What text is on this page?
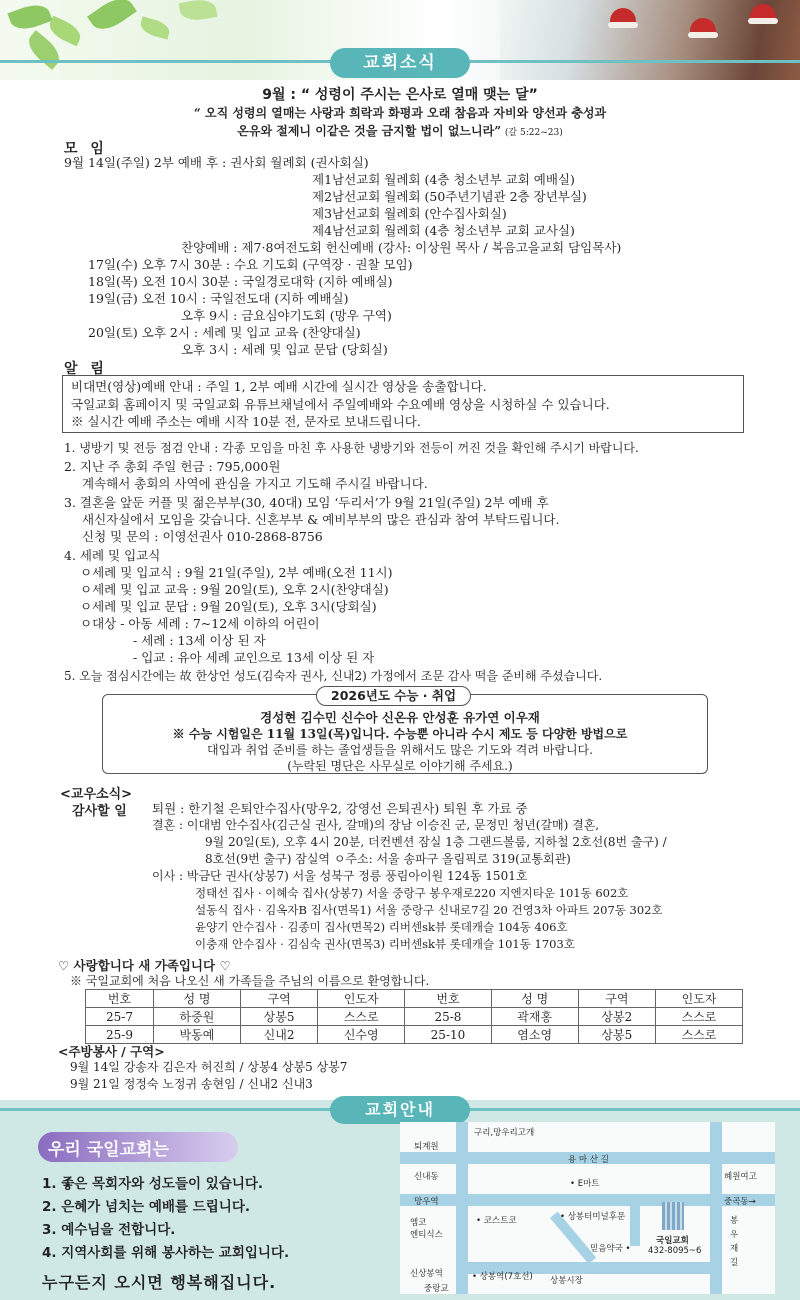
교회소식
9월 : “ 성령이 주시는 은사로 열매 맺는 달”
“ 오직 성령의 열매는 사랑과 희락과 화평과 오래 참음과 자비와 양선과 충성과
온유와 절제니 이같은 것을 금지할 법이 없느니라” (갈 5:22~23)
모 임
9월 14일(주일) 2부 예배 후 : 권사회 월례회 (권사회실)
제1남선교회 월례회 (4층 청소년부 교회 예배실)
제2남선교회 월례회 (50주년기념관 2층 장년부실)
제3남선교회 월례회 (안수집사회실)
제4남선교회 월례회 (4층 청소년부 교회 교사실)
찬양예배 : 제7·8여전도회 헌신예배 (강사: 이상원 목사 / 복음고을교회 담임목사)
17일(수) 오후 7시 30분 : 수요 기도회 (구역장 · 권찰 모임)
18일(목) 오전 10시 30분 : 국일경로대학 (지하 예배실)
19일(금) 오전 10시 : 국일전도대 (지하 예배실)
오후 9시 : 금요심야기도회 (망우 구역)
20일(토) 오후 2시 : 세례 및 입교 교육 (찬양대실)
오후 3시 : 세례 및 입교 문답 (당회실)
알 림
비대면(영상)예배 안내 : 주일 1, 2부 예배 시간에 실시간 영상을 송출합니다.
국일교회 홈페이지 및 국일교회 유튜브채널에서 주일예배와 수요예배 영상을 시청하실 수 있습니다.
※ 실시간 예배 주소는 예배 시작 10분 전, 문자로 보내드립니다.
1. 냉방기 및 전등 점검 안내 : 각종 모임을 마친 후 사용한 냉방기와 전등이 꺼진 것을 확인해 주시기 바랍니다.
2. 지난 주 총회 주일 헌금 : 795,000원
계속해서 총회의 사역에 관심을 가지고 기도해 주시길 바랍니다.
3. 결혼을 앞둔 커플 및 젊은부부(30, 40대) 모임 ‘두리서’가 9월 21일(주일) 2부 예배 후
새신자실에서 모임을 갖습니다. 신혼부부 & 예비부부의 많은 관심과 참여 부탁드립니다.
신청 및 문의 : 이영선권사 010-2868-8756
4. 세례 및 입교식
ㅇ세례 및 입교식 : 9월 21일(주일), 2부 예배(오전 11시)
ㅇ세례 및 입교 교육 : 9월 20일(토), 오후 2시(찬양대실)
ㅇ세례 및 입교 문답 : 9월 20일(토), 오후 3시(당회실)
ㅇ대상 - 아동 세례 : 7~12세 이하의 어린이
- 세례 : 13세 이상 된 자
- 입교 : 유아 세례 교인으로 13세 이상 된 자
5. 오늘 점심시간에는 故 한상언 성도(김숙자 권사, 신내2) 가정에서 조문 감사 떡을 준비해 주셨습니다.
2026년도 수능 · 취업
경성현 김수민 신수아 신온유 안성훈 유가연 이우재
※ 수능 시험일은 11월 13일(목)입니다. 수능뿐 아니라 수시 제도 등 다양한 방법으로
대입과 취업 준비를 하는 졸업생들을 위해서도 많은 기도와 격려 바랍니다.
(누락된 명단은 사무실로 이야기해 주세요.)
<교우소식>
감사할 일 퇴원 : 한기철 은퇴안수집사(망우2, 강영선 은퇴권사) 퇴원 후 가료 중
결혼 : 이대범 안수집사(김근실 권사, 갈매)의 장남 이승진 군, 문정민 청년(갈매) 결혼,
9월 20일(토), 오후 4시 20분, 더컨벤션 잠실 1층 그랜드볼룸, 지하철 2호선(8번 출구) /
8호선(9번 출구) 잠실역 ㅇ주소: 서울 송파구 올림픽로 319(교통회관)
이사 : 박금단 권사(상봉7) 서울 성북구 정릉 풍림아이원 124동 1501호
정태선 집사 · 이혜숙 집사(상봉7) 서울 중랑구 봉우재로220 지엔지타운 101동 602호
설동식 집사 · 김옥자B 집사(면목1) 서울 중랑구 신내로7길 20 건영3차 아파트 207동 302호
윤양기 안수집사 · 김종미 집사(면목2) 리버센sk뷰 롯데캐슬 104동 406호
이충재 안수집사 · 김심숙 권사(면목3) 리버센sk뷰 롯데캐슬 101동 1703호
♡ 사랑합니다 새 가족입니다 ♡
※ 국일교회에 처음 나오신 새 가족들을 주님의 이름으로 환영합니다.
번호	성 명	구역	인도자	번호	성 명	구역	인도자
25-7	하중원	상봉5	스스로	25-8	곽재홍	상봉2	스스로
25-9	박동예	신내2	신수영	25-10	염소영	상봉5	스스로
<주방봉사 / 구역>
9월 14일 강송자 김은자 허진희 / 상봉4 상봉5 상봉7
9월 21일 정정숙 노정귀 송현임 / 신내2 신내3
교회안내
우리 국일교회는
1. 좋은 목회자와 성도들이 있습니다.
2. 은혜가 넘치는 예배를 드립니다.
3. 예수님을 전합니다.
4. 지역사회를 위해 봉사하는 교회입니다.
누구든지 오시면 행복해집니다.
구리,망우리고개
용 마 산 길
퇴계원
신내동
망우역
• E마트
중곡동→
혜원여고
엠코
엔티식스
• 코스트코	• 상봉터미널후문
믿음약국 •
국일교회
432-8095~6
봉
우
재
길
상봉시장
신상봉역	• 상봉역(7호선)
중랑교
